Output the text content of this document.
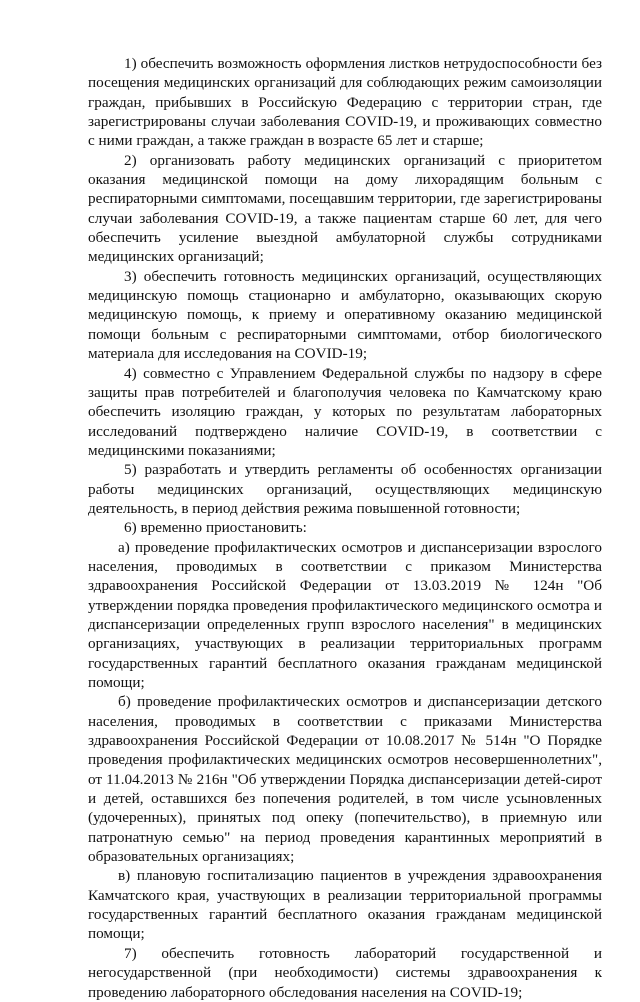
1) обеспечить возможность оформления листков нетрудоспособности без посещения медицинских организаций для соблюдающих режим самоизоляции граждан, прибывших в Российскую Федерацию с территории стран, где зарегистрированы случаи заболевания COVID-19, и проживающих совместно с ними граждан, а также граждан в возрасте 65 лет и старше;

2) организовать работу медицинских организаций с приоритетом оказания медицинской помощи на дому лихорадящим больным с респираторными симптомами, посещавшим территории, где зарегистрированы случаи заболевания COVID-19, а также пациентам старше 60 лет, для чего обеспечить усиление выездной амбулаторной службы сотрудниками медицинских организаций;

3) обеспечить готовность медицинских организаций, осуществляющих медицинскую помощь стационарно и амбулаторно, оказывающих скорую медицинскую помощь, к приему и оперативному оказанию медицинской помощи больным с респираторными симптомами, отбор биологического материала для исследования на COVID-19;

4) совместно с Управлением Федеральной службы по надзору в сфере защиты прав потребителей и благополучия человека по Камчатскому краю обеспечить изоляцию граждан, у которых по результатам лабораторных исследований подтверждено наличие COVID-19, в соответствии с медицинскими показаниями;

5) разработать и утвердить регламенты об особенностях организации работы медицинских организаций, осуществляющих медицинскую деятельность, в период действия режима повышенной готовности;

6) временно приостановить:

а) проведение профилактических осмотров и диспансеризации взрослого населения, проводимых в соответствии с приказом Министерства здравоохранения Российской Федерации от 13.03.2019 № 124н "Об утверждении порядка проведения профилактического медицинского осмотра и диспансеризации определенных групп взрослого населения" в медицинских организациях, участвующих в реализации территориальных программ государственных гарантий бесплатного оказания гражданам медицинской помощи;

б) проведение профилактических осмотров и диспансеризации детского населения, проводимых в соответствии с приказами Министерства здравоохранения Российской Федерации от 10.08.2017 № 514н "О Порядке проведения профилактических медицинских осмотров несовершеннолетних", от 11.04.2013 № 216н "Об утверждении Порядка диспансеризации детей-сирот и детей, оставшихся без попечения родителей, в том числе усыновленных (удочеренных), принятых под опеку (попечительство), в приемную или патронатную семью" на период проведения карантинных мероприятий в образовательных организациях;

в) плановую госпитализацию пациентов в учреждения здравоохранения Камчатского края, участвующих в реализации территориальной программы государственных гарантий бесплатного оказания гражданам медицинской помощи;

7) обеспечить готовность лабораторий государственной и негосударственной (при необходимости) системы здравоохранения к проведению лабораторного обследования населения на COVID-19;
